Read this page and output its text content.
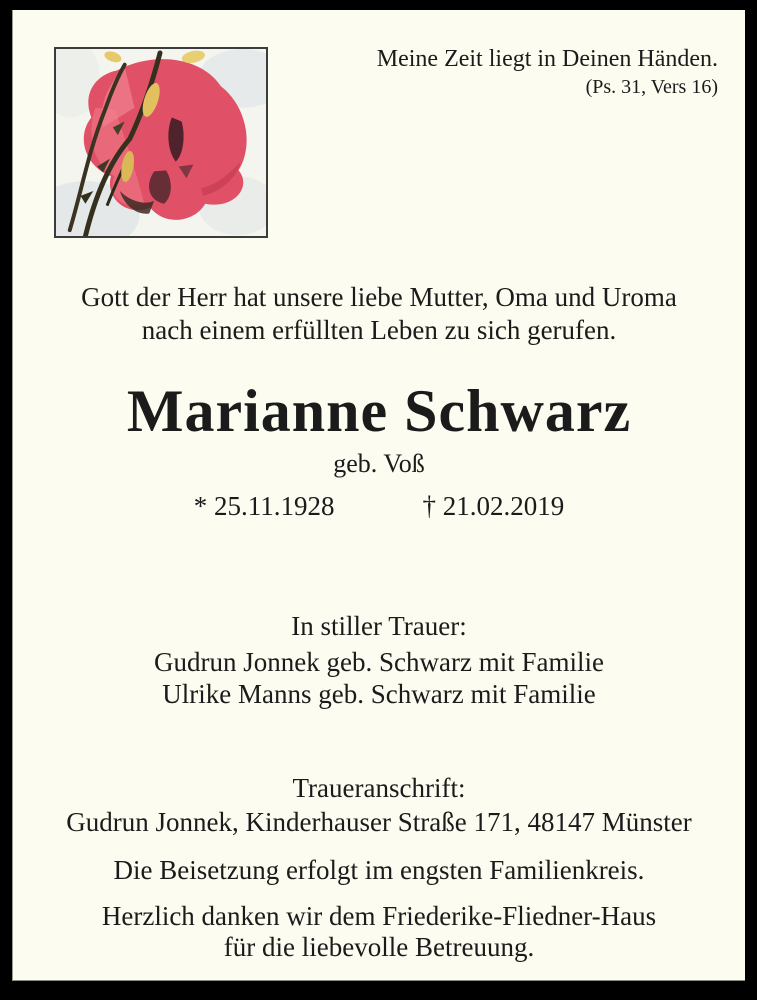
Meine Zeit liegt in Deinen Händen.
(Ps. 31, Vers 16)
Gott der Herr hat unsere liebe Mutter, Oma und Uroma
nach einem erfüllten Leben zu sich gerufen.
Marianne Schwarz
geb. Voß
* 25.11.1928	† 21.02.2019
In stiller Trauer:
Gudrun Jonnek geb. Schwarz mit Familie
Ulrike Manns geb. Schwarz mit Familie
Traueranschrift:
Gudrun Jonnek, Kinderhauser Straße 171, 48147 Münster
Die Beisetzung erfolgt im engsten Familienkreis.
Herzlich danken wir dem Friederike-Fliedner-Haus
für die liebevolle Betreuung.
